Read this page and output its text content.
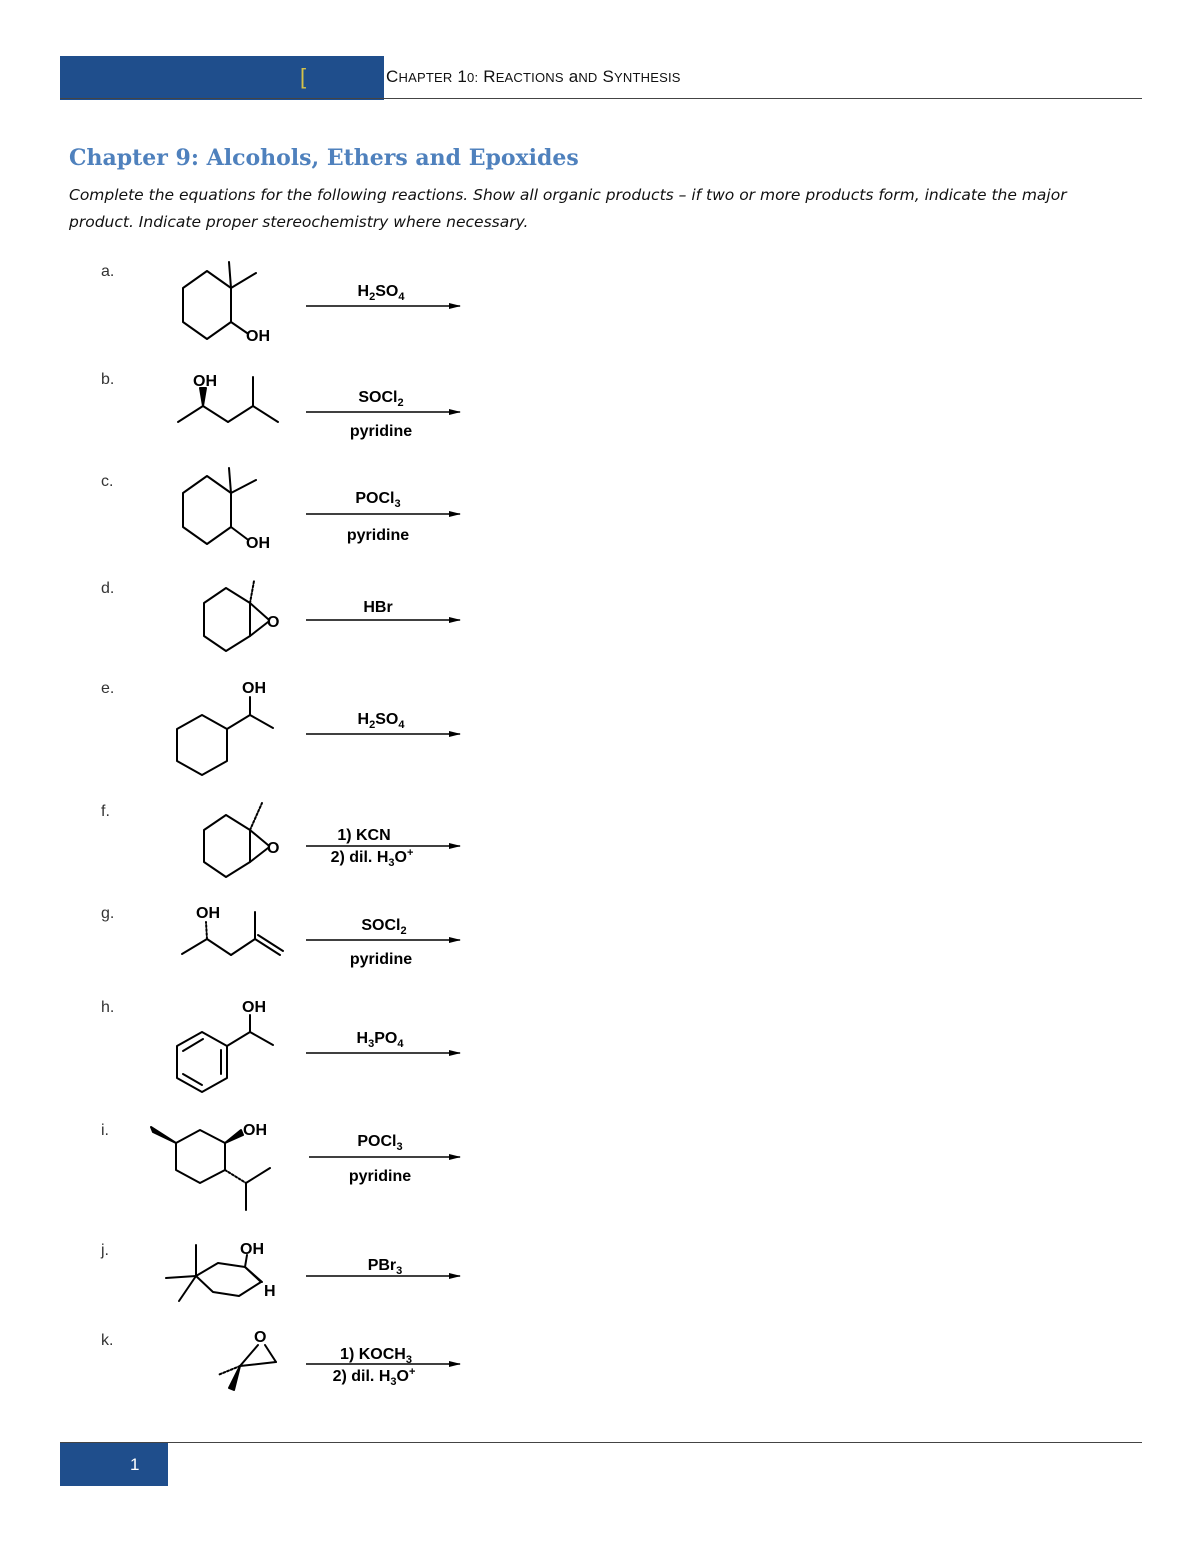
[	CHAPTER 10: REACTIONS aND SYNTHESIS
Chapter 9: Alcohols, Ethers and Epoxides
Complete the equations for the following reactions. Show all organic products – if two or more products form, indicate the major product. Indicate proper stereochemistry where necessary.
a.
b.
c.
d.
e.
f.
g.
h.
i.
j.
k.
$H_2SO_4$
SOCl$_2$
pyridine
POCl$_3$
pyridine
HBr
$H_2SO_4$
1) KCN
2) dil. $H_3O^+$
SOCl$_2$
pyridine
$H_3PO_4$
POCl$_3$
pyridine
PBr$_3$
1) $KOCH_3$
2) dil. $H_3O^+$
OH
OH
OH
O
OH
O
OH
OH
OH
OH
H
O
1
